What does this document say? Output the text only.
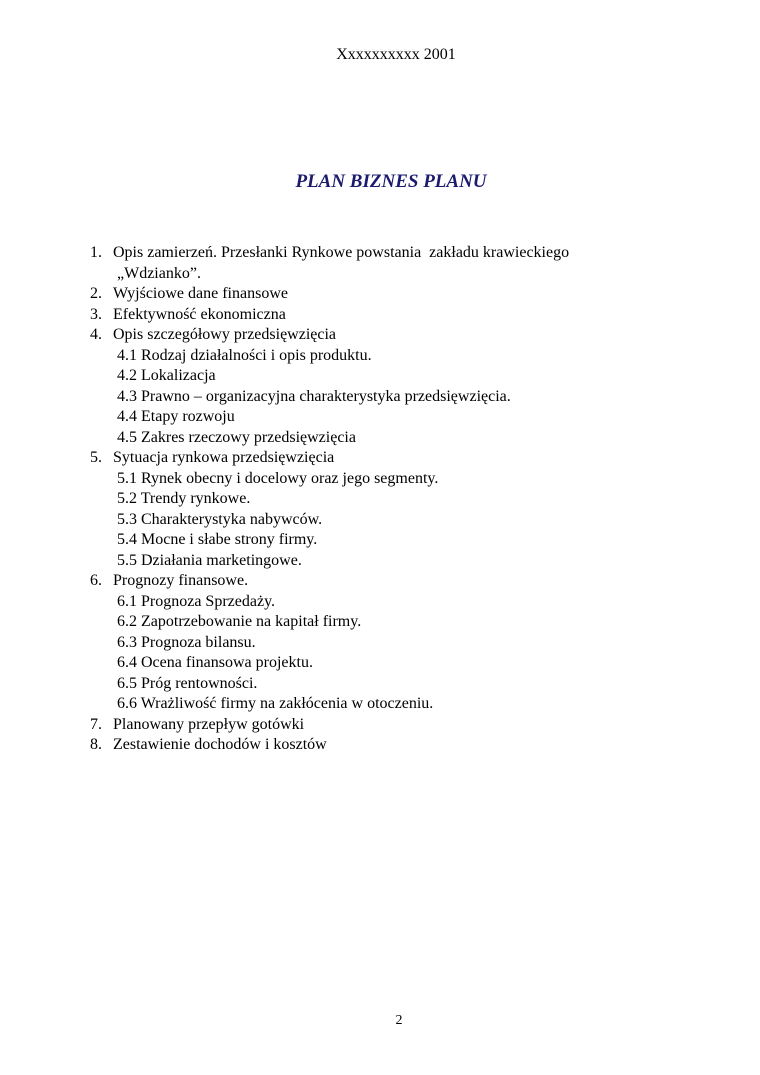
Xxxxxxxxxx 2001
PLAN BIZNES PLANU
1. Opis zamierzeń. Przesłanki Rynkowe powstania  zakładu krawieckiego
„Wdzianko”.
2. Wyjściowe dane finansowe
3. Efektywność ekonomiczna
4. Opis szczegółowy przedsięwzięcia
4.1 Rodzaj działalności i opis produktu.
4.2 Lokalizacja
4.3 Prawno – organizacyjna charakterystyka przedsięwzięcia.
4.4 Etapy rozwoju
4.5 Zakres rzeczowy przedsięwzięcia
5. Sytuacja rynkowa przedsięwzięcia
5.1 Rynek obecny i docelowy oraz jego segmenty.
5.2 Trendy rynkowe.
5.3 Charakterystyka nabywców.
5.4 Mocne i słabe strony firmy.
5.5 Działania marketingowe.
6. Prognozy finansowe.
6.1 Prognoza Sprzedaży.
6.2 Zapotrzebowanie na kapitał firmy.
6.3 Prognoza bilansu.
6.4 Ocena finansowa projektu.
6.5 Próg rentowności.
6.6 Wrażliwość firmy na zakłócenia w otoczeniu.
7. Planowany przepływ gotówki
8. Zestawienie dochodów i kosztów
2
